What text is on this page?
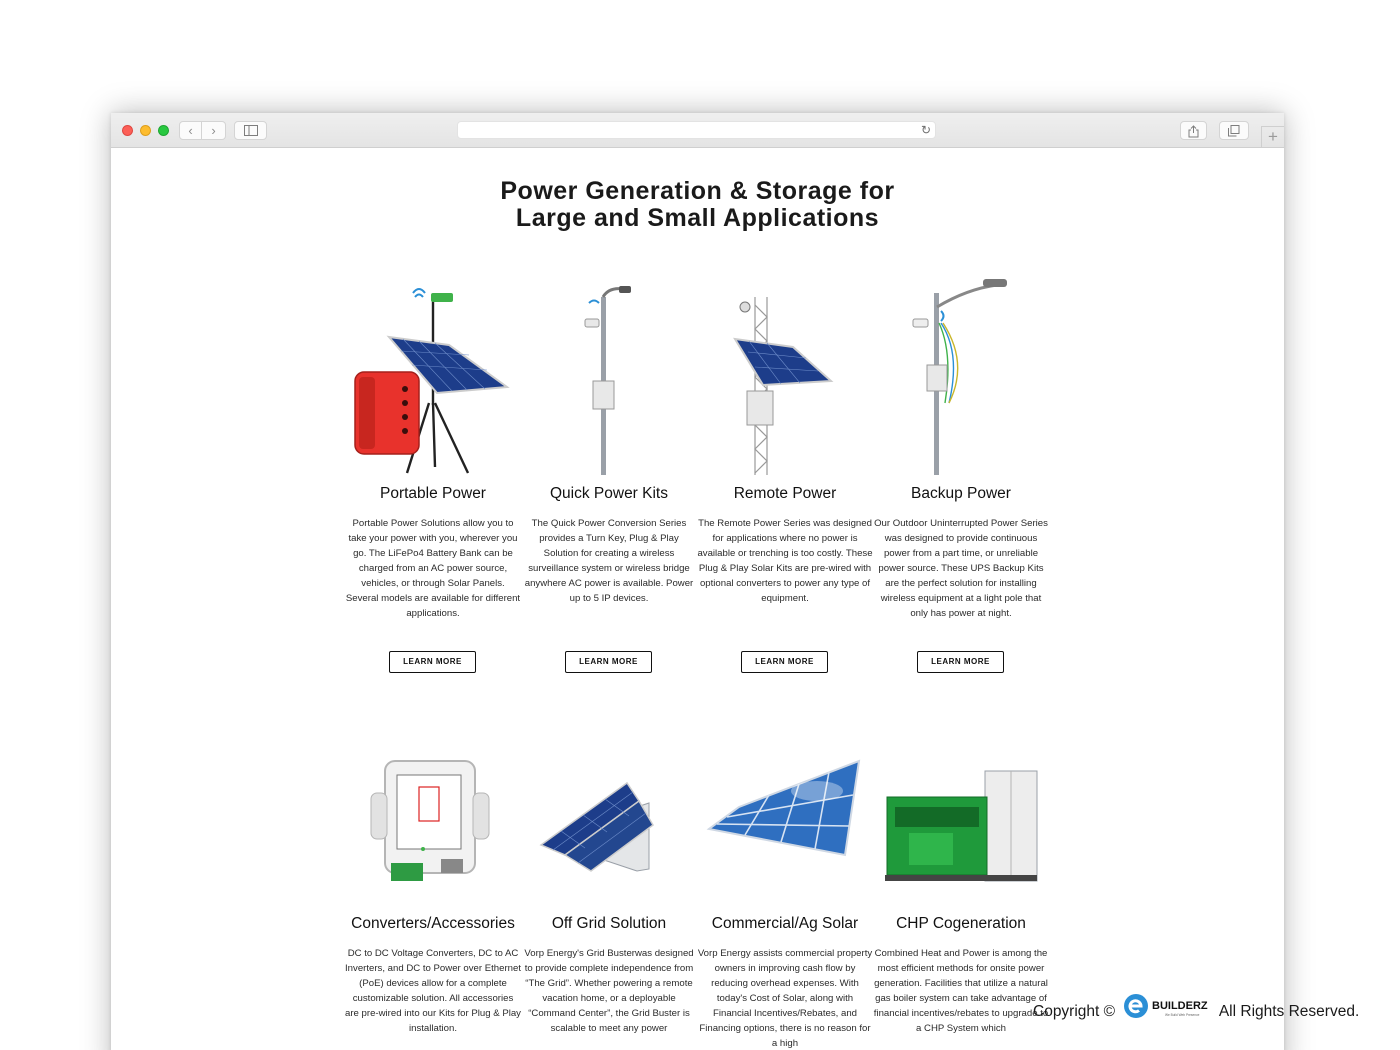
‹	›	↻	+
Power Generation & Storage for
Large and Small Applications
Portable Power

Portable Power Solutions allow you to take your power with you, wherever you go. The LiFePo4 Battery Bank can be charged from an AC power source, vehicles, or through Solar Panels. Several models are available for different applications.

LEARN MORE
Quick Power Kits

The Quick Power Conversion Series provides a Turn Key, Plug & Play Solution for creating a wireless surveillance system or wireless bridge anywhere AC power is available. Power up to 5 IP devices.

LEARN MORE
Remote Power

The Remote Power Series was designed for applications where no power is available or trenching is too costly. These Plug & Play Solar Kits are pre-wired with optional converters to power any type of equipment.

LEARN MORE
Backup Power

Our Outdoor Uninterrupted Power Series was designed to provide continuous power from a part time, or unreliable power source. These UPS Backup Kits are the perfect solution for installing wireless equipment at a light pole that only has power at night.

LEARN MORE
Converters/Accessories

DC to DC Voltage Converters, DC to AC Inverters, and DC to Power over Ethernet (PoE) devices allow for a complete customizable solution. All accessories are pre-wired into our Kits for Plug & Play installation.

Off Grid Solution

Vorp Energy's Grid Busterwas designed to provide complete independence from “The Grid”. Whether powering a remote vacation home, or a deployable “Command Center”, the Grid Buster is scalable to meet any power

Commercial/Ag Solar

Vorp Energy assists commercial property owners in improving cash flow by reducing overhead expenses. With today's Cost of Solar, along with Financial Incentives/Rebates, and Financing options, there is no reason for a high

CHP Cogeneration

Combined Heat and Power is among the most efficient methods for onsite power generation. Facilities that utilize a natural gas boiler system can take advantage of financial incentives/rebates to upgrade to a CHP System which

Copyright ©	BUILDERZ
We Build Web Presence All Rights Reserved.
